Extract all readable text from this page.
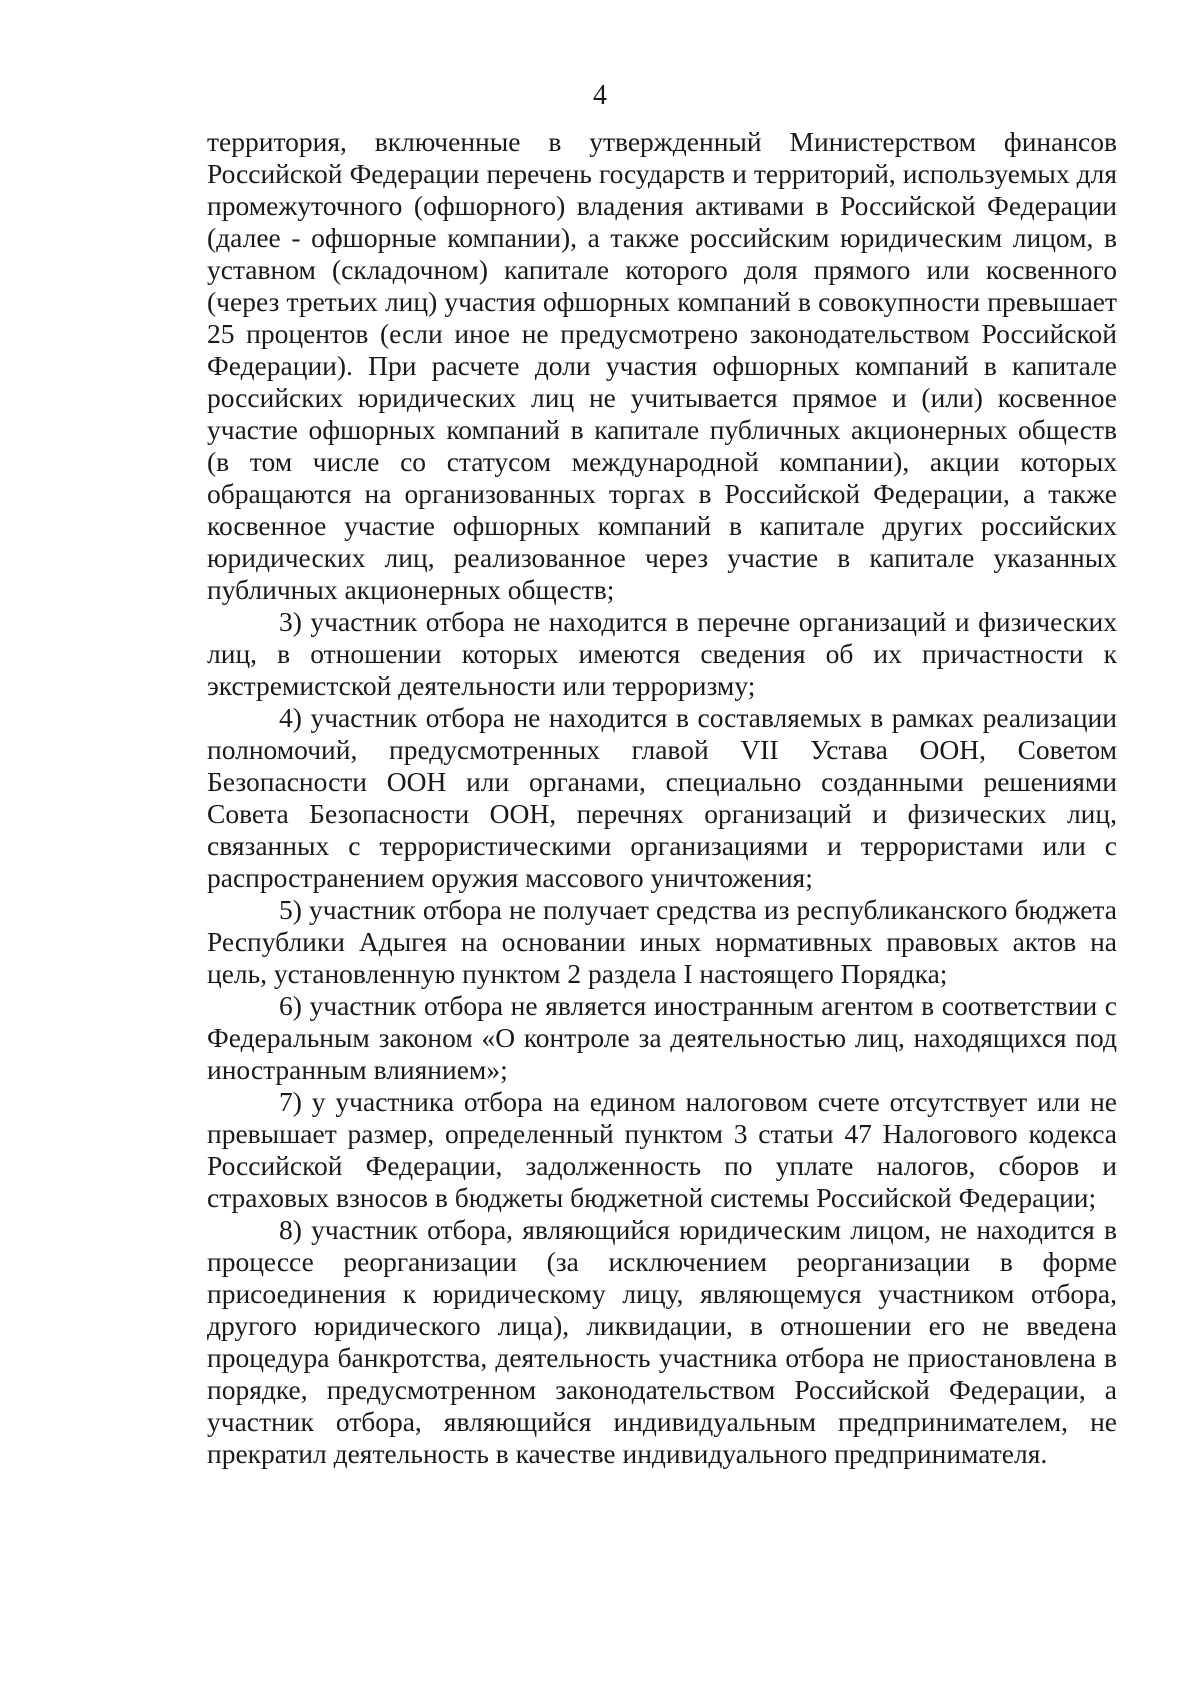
4

территория, включенные в утвержденный Министерством финансов Российской Федерации перечень государств и территорий, используемых для промежуточного (офшорного) владения активами в Российской Федерации (далее - офшорные компании), а также российским юридическим лицом, в уставном (складочном) капитале которого доля прямого или косвенного (через третьих лиц) участия офшорных компаний в совокупности превышает 25 процентов (если иное не предусмотрено законодательством Российской Федерации). При расчете доли участия офшорных компаний в капитале российских юридических лиц не учитывается прямое и (или) косвенное участие офшорных компаний в капитале публичных акционерных обществ (в том числе со статусом международной компании), акции которых обращаются на организованных торгах в Российской Федерации, а также косвенное участие офшорных компаний в капитале других российских юридических лиц, реализованное через участие в капитале указанных публичных акционерных обществ;

3) участник отбора не находится в перечне организаций и физических лиц, в отношении которых имеются сведения об их причастности к экстремистской деятельности или терроризму;

4) участник отбора не находится в составляемых в рамках реализации полномочий, предусмотренных главой VII Устава ООН, Советом Безопасности ООН или органами, специально созданными решениями Совета Безопасности ООН, перечнях организаций и физических лиц, связанных с террористическими организациями и террористами или с распространением оружия массового уничтожения;

5) участник отбора не получает средства из республиканского бюджета Республики Адыгея на основании иных нормативных правовых актов на цель, установленную пунктом 2 раздела I настоящего Порядка;

6) участник отбора не является иностранным агентом в соответствии с Федеральным законом «О контроле за деятельностью лиц, находящихся под иностранным влиянием»;

7) у участника отбора на едином налоговом счете отсутствует или не превышает размер, определенный пунктом 3 статьи 47 Налогового кодекса Российской Федерации, задолженность по уплате налогов, сборов и страховых взносов в бюджеты бюджетной системы Российской Федерации;

8) участник отбора, являющийся юридическим лицом, не находится в процессе реорганизации (за исключением реорганизации в форме присоединения к юридическому лицу, являющемуся участником отбора, другого юридического лица), ликвидации, в отношении его не введена процедура банкротства, деятельность участника отбора не приостановлена в порядке, предусмотренном законодательством Российской Федерации, а участник отбора, являющийся индивидуальным предпринимателем, не прекратил деятельность в качестве индивидуального предпринимателя.
